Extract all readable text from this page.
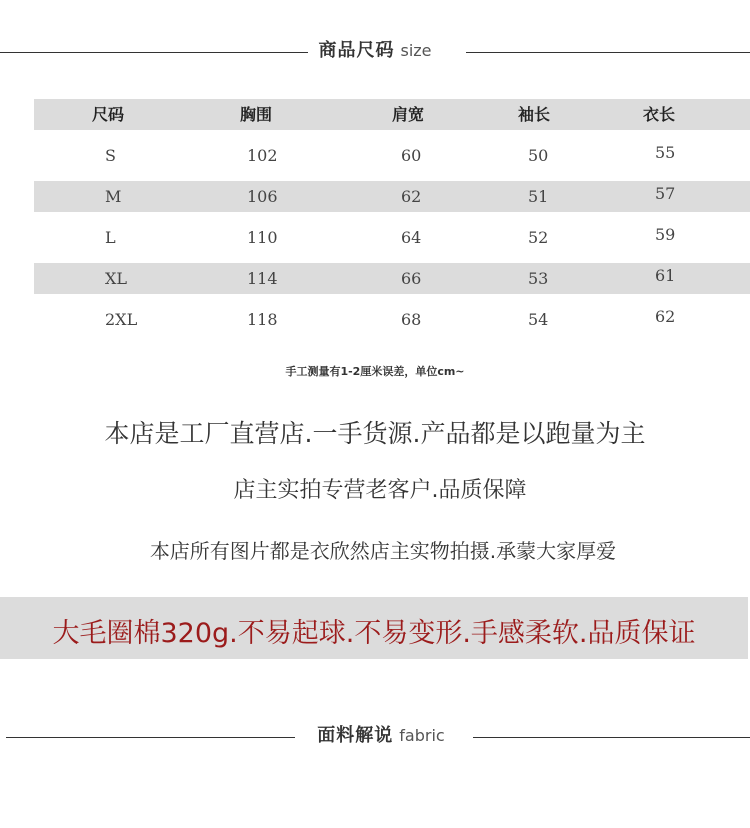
商品尺码 size
尺码	胸围	肩宽	袖长	衣长
S	102	60	50	55
M	106	62	51	57
L	110	64	52	59
XL	114	66	53	61
2XL	118	68	54	62
手工测量有1-2厘米误差，单位cm~
本店是工厂直营店.一手货源.产品都是以跑量为主
店主实拍专营老客户.品质保障
本店所有图片都是衣欣然店主实物拍摄.承蒙大家厚爱
大毛圈棉320g.不易起球.不易变形.手感柔软.品质保证
面料解说 fabric
